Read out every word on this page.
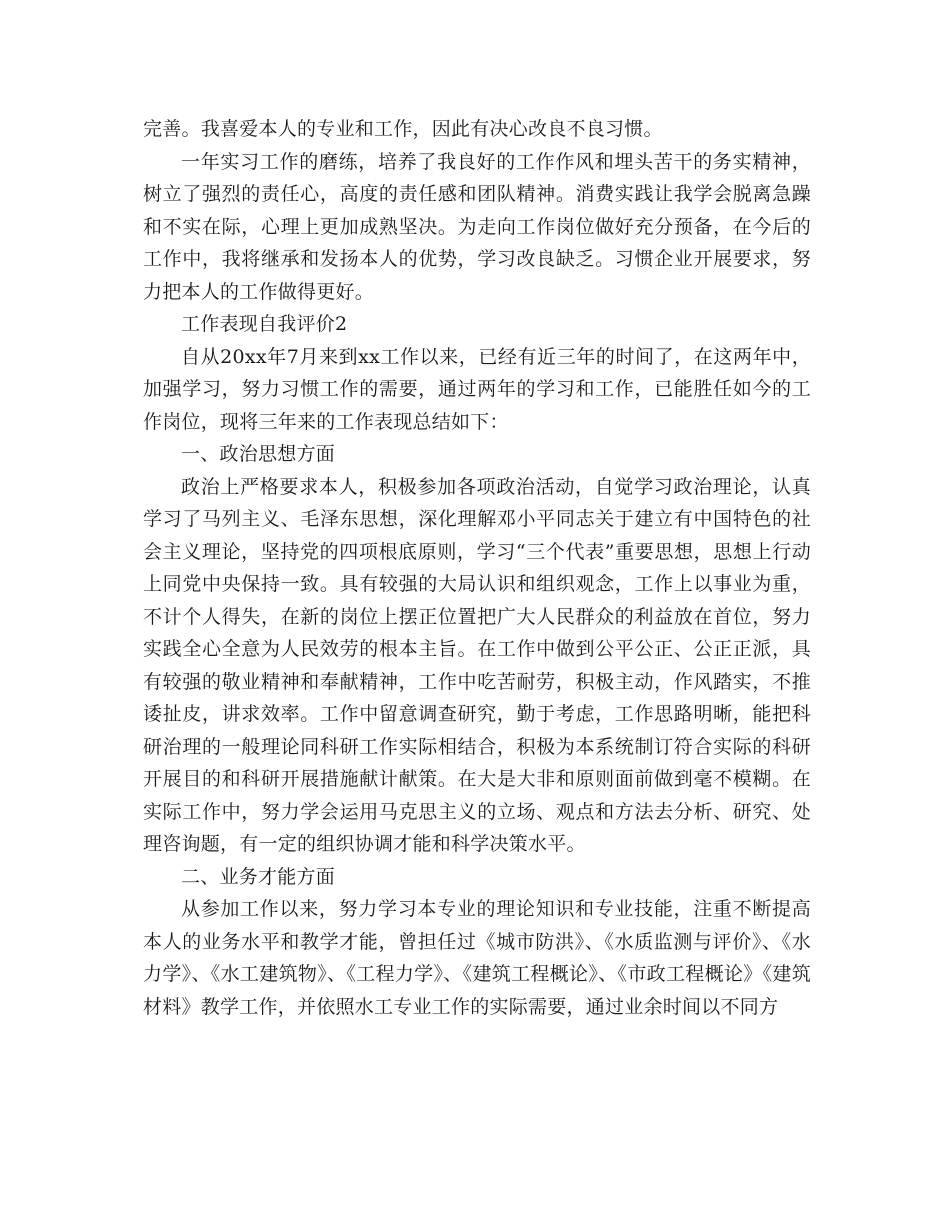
完善。我喜爱本人的专业和工作，因此有决心改良不良习惯。

一年实习工作的磨练，培养了我良好的工作作风和埋头苦干的务实精神，树立了强烈的责任心，高度的责任感和团队精神。消费实践让我学会脱离急躁和不实在际，心理上更加成熟坚决。为走向工作岗位做好充分预备，在今后的工作中，我将继承和发扬本人的优势，学习改良缺乏。习惯企业开展要求，努力把本人的工作做得更好。

工作表现自我评价2

自从20xx年7月来到xx工作以来，已经有近三年的时间了，在这两年中，加强学习，努力习惯工作的需要，通过两年的学习和工作，已能胜任如今的工作岗位，现将三年来的工作表现总结如下：

一、政治思想方面

政治上严格要求本人，积极参加各项政治活动，自觉学习政治理论，认真学习了马列主义、毛泽东思想，深化理解邓小平同志关于建立有中国特色的社会主义理论，坚持党的四项根底原则，学习“三个代表”重要思想，思想上行动上同党中央保持一致。具有较强的大局认识和组织观念，工作上以事业为重，不计个人得失，在新的岗位上摆正位置把广大人民群众的利益放在首位，努力实践全心全意为人民效劳的根本主旨。在工作中做到公平公正、公正正派，具有较强的敬业精神和奉献精神，工作中吃苦耐劳，积极主动，作风踏实，不推诿扯皮，讲求效率。工作中留意调查研究，勤于考虑，工作思路明晰，能把科研治理的一般理论同科研工作实际相结合，积极为本系统制订符合实际的科研开展目的和科研开展措施献计献策。在大是大非和原则面前做到毫不模糊。在实际工作中，努力学会运用马克思主义的立场、观点和方法去分析、研究、处理咨询题，有一定的组织协调才能和科学决策水平。

二、业务才能方面

从参加工作以来，努力学习本专业的理论知识和专业技能，注重不断提高本人的业务水平和教学才能，曾担任过《城市防洪》、《水质监测与评价》、《水力学》、《水工建筑物》、《工程力学》、《建筑工程概论》、《市政工程概论》《建筑材料》教学工作，并依照水工专业工作的实际需要，通过业余时间以不同方
